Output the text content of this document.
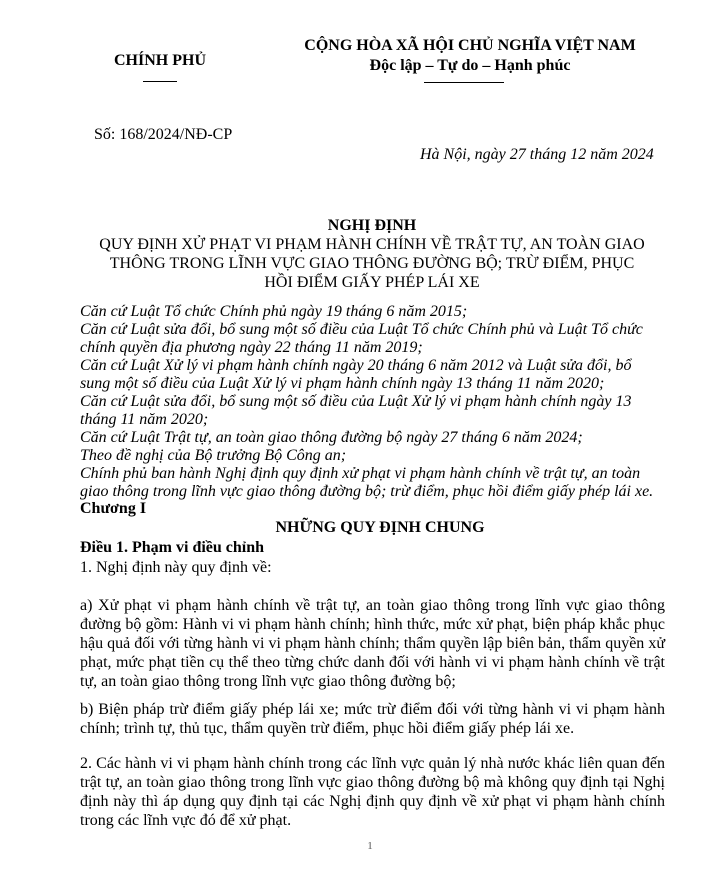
CHÍNH PHỦ
CỘNG HÒA XÃ HỘI CHỦ NGHĨA VIỆT NAM
Độc lập – Tự do – Hạnh phúc
Số: 168/2024/NĐ-CP
Hà Nội, ngày 27 tháng 12 năm 2024
NGHỊ ĐỊNH
QUY ĐỊNH XỬ PHẠT VI PHẠM HÀNH CHÍNH VỀ TRẬT TỰ, AN TOÀN GIAO THÔNG TRONG LĨNH VỰC GIAO THÔNG ĐƯỜNG BỘ; TRỪ ĐIỂM, PHỤC HỒI ĐIỂM GIẤY PHÉP LÁI XE

Căn cứ Luật Tổ chức Chính phủ ngày 19 tháng 6 năm 2015;

Căn cứ Luật sửa đổi, bổ sung một số điều của Luật Tổ chức Chính phủ và Luật Tổ chức chính quyền địa phương ngày 22 tháng 11 năm 2019;

Căn cứ Luật Xử lý vi phạm hành chính ngày 20 tháng 6 năm 2012 và Luật sửa đổi, bổ sung một số điều của Luật Xử lý vi phạm hành chính ngày 13 tháng 11 năm 2020;

Căn cứ Luật sửa đổi, bổ sung một số điều của Luật Xử lý vi phạm hành chính ngày 13 tháng 11 năm 2020;

Căn cứ Luật Trật tự, an toàn giao thông đường bộ ngày 27 tháng 6 năm 2024;

Theo đề nghị của Bộ trưởng Bộ Công an;

Chính phủ ban hành Nghị định quy định xử phạt vi phạm hành chính về trật tự, an toàn giao thông trong lĩnh vực giao thông đường bộ; trừ điểm, phục hồi điểm giấy phép lái xe.

Chương I
NHỮNG QUY ĐỊNH CHUNG
Điều 1. Phạm vi điều chỉnh

1. Nghị định này quy định về:

a) Xử phạt vi phạm hành chính về trật tự, an toàn giao thông trong lĩnh vực giao thông đường bộ gồm: Hành vi vi phạm hành chính; hình thức, mức xử phạt, biện pháp khắc phục hậu quả đối với từng hành vi vi phạm hành chính; thẩm quyền lập biên bản, thẩm quyền xử phạt, mức phạt tiền cụ thể theo từng chức danh đối với hành vi vi phạm hành chính về trật tự, an toàn giao thông trong lĩnh vực giao thông đường bộ;

b) Biện pháp trừ điểm giấy phép lái xe; mức trừ điểm đối với từng hành vi vi phạm hành chính; trình tự, thủ tục, thẩm quyền trừ điểm, phục hồi điểm giấy phép lái xe.

2. Các hành vi vi phạm hành chính trong các lĩnh vực quản lý nhà nước khác liên quan đến trật tự, an toàn giao thông trong lĩnh vực giao thông đường bộ mà không quy định tại Nghị định này thì áp dụng quy định tại các Nghị định quy định về xử phạt vi phạm hành chính trong các lĩnh vực đó để xử phạt.

1
